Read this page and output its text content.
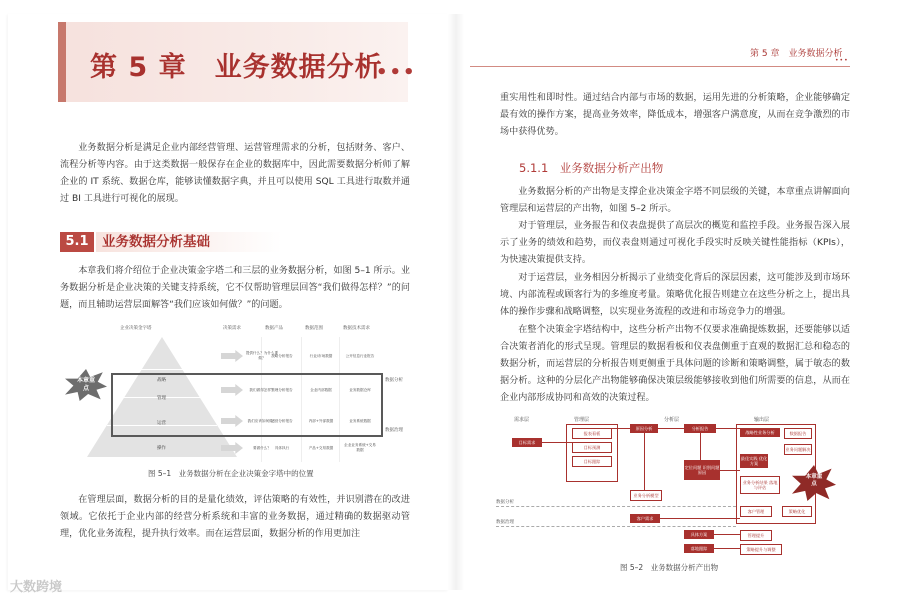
第 5 章　业务数据分析
•••

业务数据分析是满足企业内部经营管理、运营管理需求的分析，包括财务、客户、流程分析等内容。由于这类数据一般保存在企业的数据库中，因此需要数据分析师了解企业的 IT 系统、数据仓库，能够读懂数据字典，并且可以使用 SQL 工具进行取数并通过 BI 工具进行可视化的展现。

5.1 业务数据分析基础

本章我们将介绍位于企业决策金字塔二和三层的业务数据分析，如图 5–1 所示。业务数据分析是企业决策的关键支持系统，它不仅帮助管理层回答“我们做得怎样？”的问题，而且辅助运营层面解答“我们应该如何做？”的问题。

企业决策金字塔	决策需求	数据产品	数据范围	数据技术需求
战略
管理
运营
操作
本章重点
提供什么？为什么要做？
战略分析报告	行业/市场数据	公开信息行业报告
我们做得怎样？
管理分析报告	企业内部数据	业务数据仓库
我们应该如何做？
运营分析报告	内部+外部数据	业务系统数据
要做什么？	具体执行	产品+交易数据
企业业务系统+交易数据
数据分析
数据治理
图 5–1　业务数据分析在企业决策金字塔中的位置

在管理层面，数据分析的目的是量化绩效，评估策略的有效性，并识别潜在的改进领域。它依托于企业内部的经营分析系统和丰富的业务数据，通过精确的数据驱动管理，优化业务流程，提升执行效率。而在运营层面，数据分析的作用更加注

大数跨境
第 5 章　业务数据分析
•••

重实用性和即时性。通过结合内部与市场的数据，运用先进的分析策略，企业能够确定最有效的操作方案，提高业务效率，降低成本，增强客户满意度，从而在竞争激烈的市场中获得优势。

5.1.1　业务数据分析产出物

业务数据分析的产出物是支撑企业决策金字塔不同层级的关键，本章重点讲解面向管理层和运营层的产出物，如图 5–2 所示。

对于管理层，业务报告和仪表盘提供了高层次的概览和监控手段。业务报告深入展示了业务的绩效和趋势，而仪表盘则通过可视化手段实时反映关键性能指标（KPIs），为快速决策提供支持。

对于运营层，业务相因分析揭示了业绩变化背后的深层因素，这可能涉及到市场环境、内部流程或顾客行为的多维度考量。策略优化报告则建立在这些分析之上，提出具体的操作步骤和战略调整，以实现业务流程的改进和市场竞争力的增强。

在整个决策金字塔结构中，这些分析产出物不仅要求准确提炼数据，还要能够以适合决策者消化的形式呈现。管理层的数据看板和仪表盘侧重于直观的数据汇总和稳态的数据分析，而运营层的分析报告则更侧重于具体问题的诊断和策略调整，属于敏态的数据分析。这种的分层化产出物能够确保决策层级能够接收到他们所需要的信息，从而在企业内部形成协同和高效的决策过程。

需求层	管理层	分析层	输出层
目标需求
报表看板
目标预测
目标跟踪
原因分析	分析报告
定位问题 识别问题原因
业务分析模型
战略性业务分析	数据报告
最佳实践 优化方案
业务问题解决
业务分析结果 落地与评估
客户需求
客户管理	策略优化
具体方案
落地跟踪
管理提升
策略提升与调整
数据分析
数据治理
本章重点
图 5–2　业务数据分析产出物
